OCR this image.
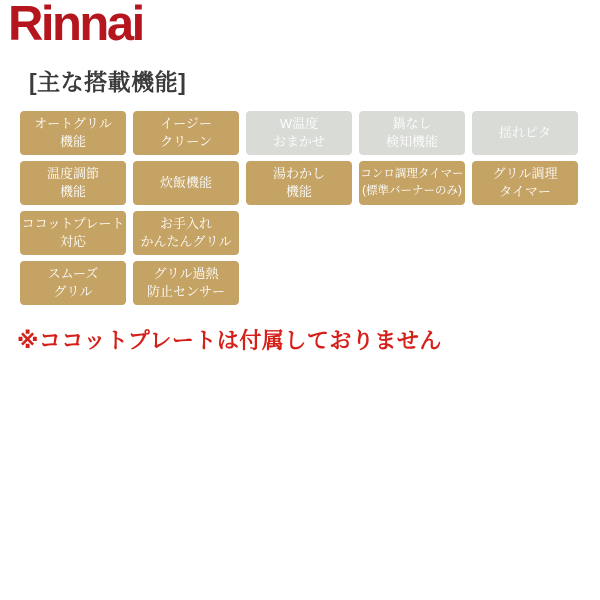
Rinnai
[主な搭載機能]
オートグリル
機能
イージー
クリーン
W温度
おまかせ
鍋なし
検知機能
揺れピタ
温度調節
機能
炊飯機能
湯わかし
機能
コンロ調理タイマー
(標準バーナーのみ)
グリル調理
タイマー
ココットプレート
対応
お手入れ
かんたんグリル
スムーズ
グリル
グリル過熱
防止センサー
※ココットプレートは付属しておりません
